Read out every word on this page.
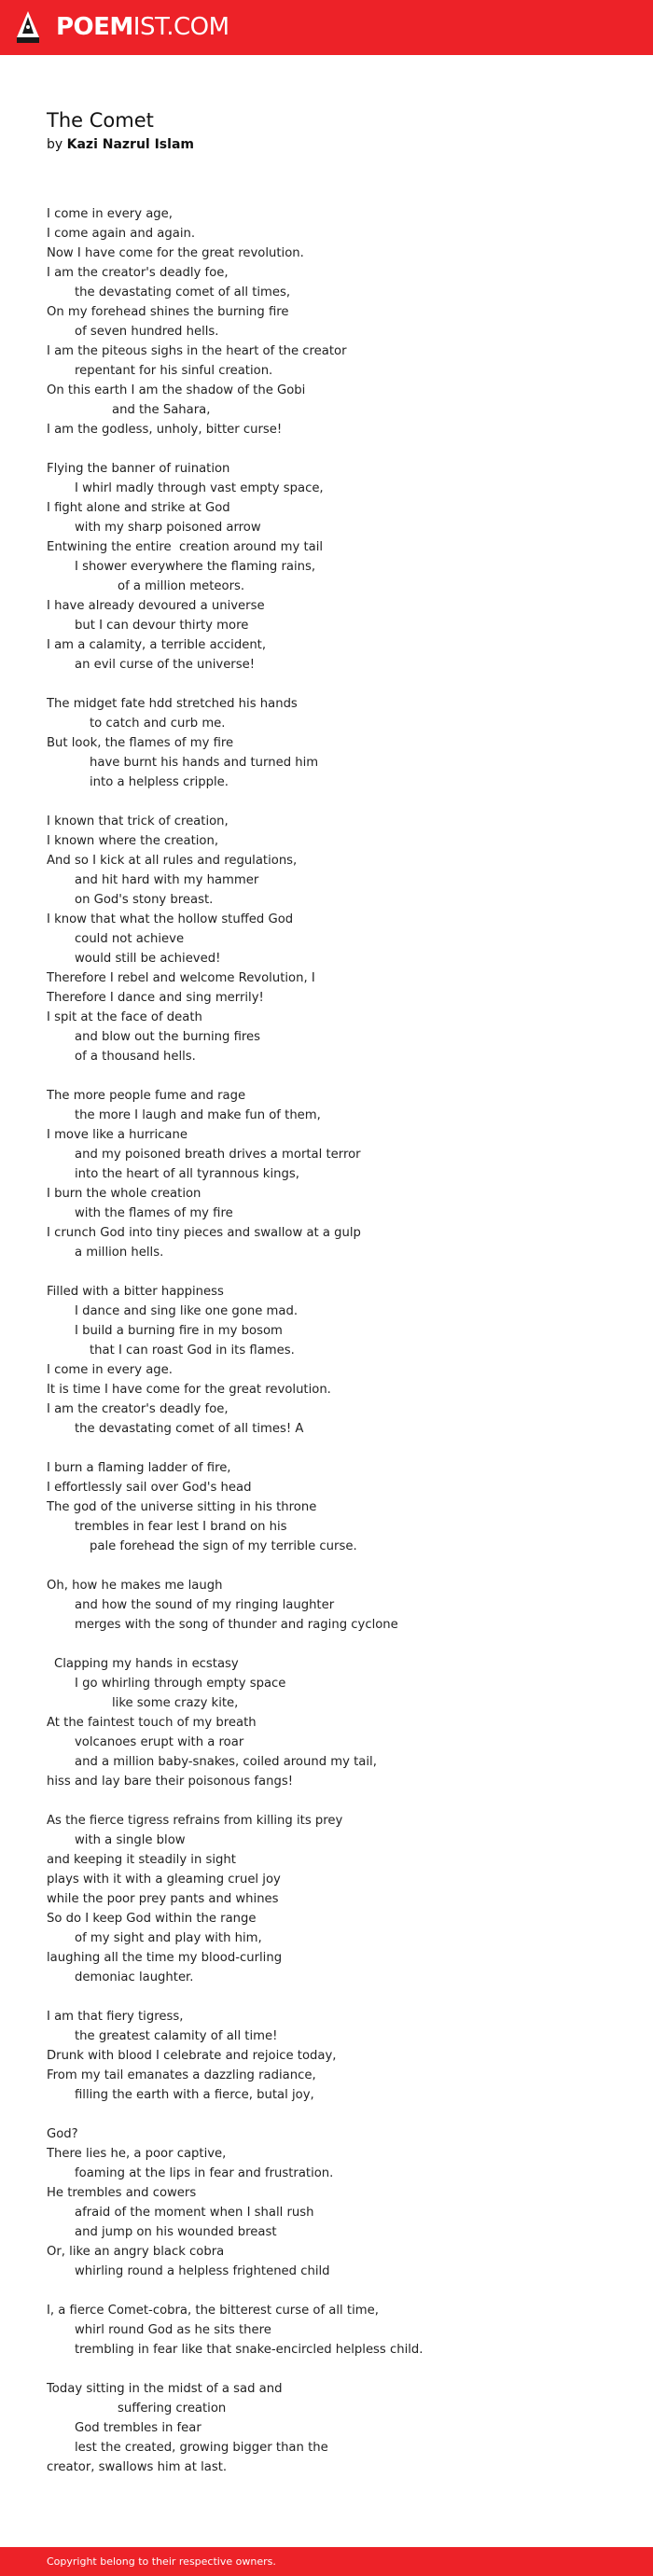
POEMIST.COM
The Comet
by Kazi Nazrul Islam
I come in every age,
I come again and again.
Now I have come for the great revolution.
I am the creator's deadly foe,
the devastating comet of all times,
On my forehead shines the burning fire
of seven hundred hells.
I am the piteous sighs in the heart of the creator
repentant for his sinful creation.
On this earth I am the shadow of the Gobi
and the Sahara,
I am the godless, unholy, bitter curse!
Flying the banner of ruination
I whirl madly through vast empty space,
I fight alone and strike at God
with my sharp poisoned arrow
Entwining the entire  creation around my tail
I shower everywhere the flaming rains,
of a million meteors.
I have already devoured a universe
but I can devour thirty more
I am a calamity, a terrible accident,
an evil curse of the universe!
The midget fate hdd stretched his hands
to catch and curb me.
But look, the flames of my fire
have burnt his hands and turned him
into a helpless cripple.
I known that trick of creation,
I known where the creation,
And so I kick at all rules and regulations,
and hit hard with my hammer
on God's stony breast.
I know that what the hollow stuffed God
could not achieve
would still be achieved!
Therefore I rebel and welcome Revolution, I
Therefore I dance and sing merrily!
I spit at the face of death
and blow out the burning fires
of a thousand hells.
The more people fume and rage
the more I laugh and make fun of them,
I move like a hurricane
and my poisoned breath drives a mortal terror
into the heart of all tyrannous kings,
I burn the whole creation
with the flames of my fire
I crunch God into tiny pieces and swallow at a gulp
a million hells.
Filled with a bitter happiness
I dance and sing like one gone mad.
I build a burning fire in my bosom
that I can roast God in its flames.
I come in every age.
It is time I have come for the great revolution.
I am the creator's deadly foe,
the devastating comet of all times! A
I burn a flaming ladder of fire,
I effortlessly sail over God's head
The god of the universe sitting in his throne
trembles in fear lest I brand on his
pale forehead the sign of my terrible curse.
Oh, how he makes me laugh
and how the sound of my ringing laughter
merges with the song of thunder and raging cyclone
Clapping my hands in ecstasy
I go whirling through empty space
like some crazy kite,
At the faintest touch of my breath
volcanoes erupt with a roar
and a million baby-snakes, coiled around my tail,
hiss and lay bare their poisonous fangs!
As the fierce tigress refrains from killing its prey
with a single blow
and keeping it steadily in sight
plays with it with a gleaming cruel joy
while the poor prey pants and whines
So do I keep God within the range
of my sight and play with him,
laughing all the time my blood-curling
demoniac laughter.
I am that fiery tigress,
the greatest calamity of all time!
Drunk with blood I celebrate and rejoice today,
From my tail emanates a dazzling radiance,
filling the earth with a fierce, butal joy,
God?
There lies he, a poor captive,
foaming at the lips in fear and frustration.
He trembles and cowers
afraid of the moment when I shall rush
and jump on his wounded breast
Or, like an angry black cobra
whirling round a helpless frightened child
I, a fierce Comet-cobra, the bitterest curse of all time,
whirl round God as he sits there
trembling in fear like that snake-encircled helpless child.
Today sitting in the midst of a sad and
suffering creation
God trembles in fear
lest the created, growing bigger than the
creator, swallows him at last.
Copyright belong to their respective owners.
